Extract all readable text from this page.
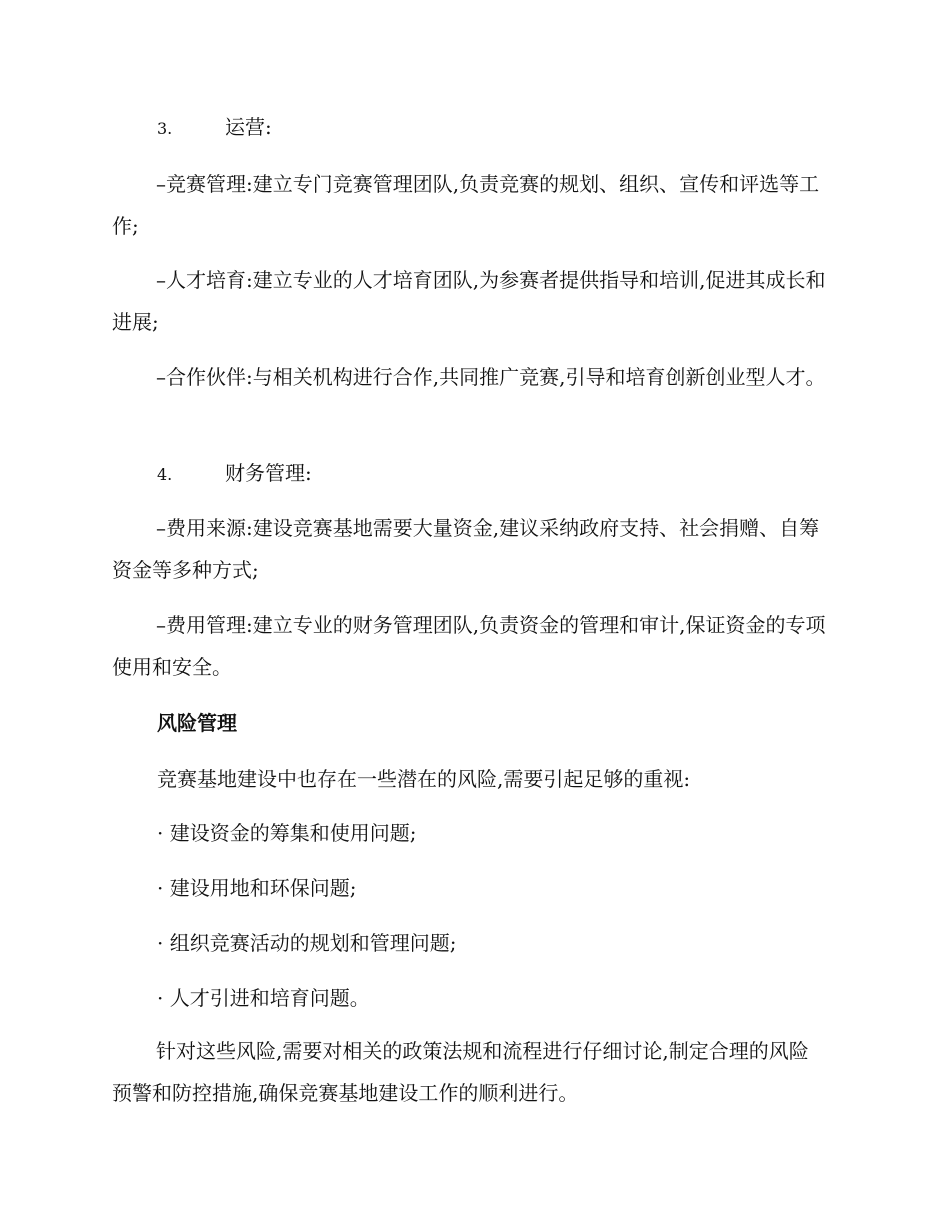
3.	运营:
–竞赛管理:建立专门竞赛管理团队,负责竞赛的规划、组织、宣传和评选等工作;
–人才培育:建立专业的人才培育团队,为参赛者提供指导和培训,促进其成长和进展;
–合作伙伴:与相关机构进行合作,共同推广竞赛,引导和培育创新创业型人才。
4.	财务管理:
–费用来源:建设竞赛基地需要大量资金,建议采纳政府支持、社会捐赠、自筹资金等多种方式;
–费用管理:建立专业的财务管理团队,负责资金的管理和审计,保证资金的专项使用和安全。
风险管理
竞赛基地建设中也存在一些潜在的风险,需要引起足够的重视:
· 建设资金的筹集和使用问题;
· 建设用地和环保问题;
· 组织竞赛活动的规划和管理问题;
· 人才引进和培育问题。
针对这些风险,需要对相关的政策法规和流程进行仔细讨论,制定合理的风险预警和防控措施,确保竞赛基地建设工作的顺利进行。
